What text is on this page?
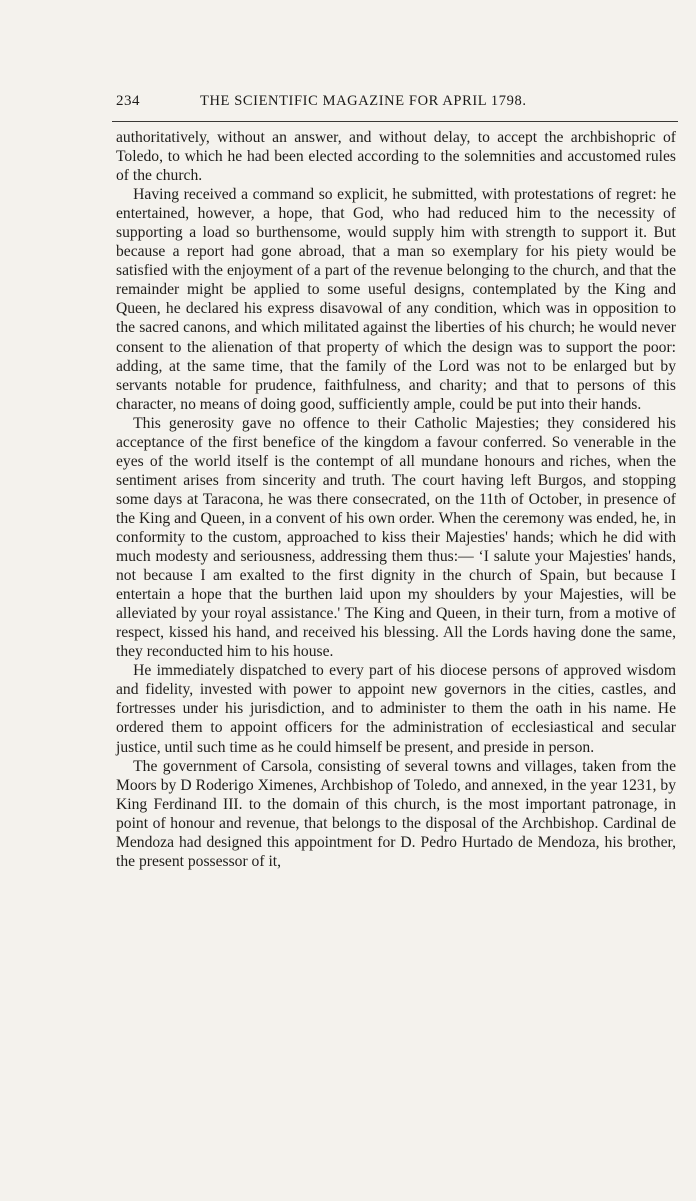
234	THE SCIENTIFIC MAGAZINE FOR APRIL 1798.

authoritatively, without an answer, and without delay, to accept the archbishopric of Toledo, to which he had been elected according to the solemnities and accustomed rules of the church.

Having received a command so explicit, he submitted, with protestations of regret: he entertained, however, a hope, that God, who had reduced him to the necessity of supporting a load so burthensome, would supply him with strength to support it. But because a report had gone abroad, that a man so exemplary for his piety would be satisfied with the enjoyment of a part of the revenue belonging to the church, and that the remainder might be applied to some useful designs, contemplated by the King and Queen, he declared his express disavowal of any condition, which was in opposition to the sacred canons, and which militated against the liberties of his church; he would never consent to the alienation of that property of which the design was to support the poor: adding, at the same time, that the family of the Lord was not to be enlarged but by servants notable for prudence, faithfulness, and charity; and that to persons of this character, no means of doing good, sufficiently ample, could be put into their hands.

This generosity gave no offence to their Catholic Majesties; they considered his acceptance of the first benefice of the kingdom a favour conferred. So venerable in the eyes of the world itself is the contempt of all mundane honours and riches, when the sentiment arises from sincerity and truth. The court having left Burgos, and stopping some days at Taracona, he was there consecrated, on the 11th of October, in presence of the King and Queen, in a convent of his own order. When the ceremony was ended, he, in conformity to the custom, approached to kiss their Majesties' hands; which he did with much modesty and seriousness, addressing them thus:— ‘I salute your Majesties' hands, not because I am exalted to the first dignity in the church of Spain, but because I entertain a hope that the burthen laid upon my shoulders by your Majesties, will be alleviated by your royal assistance.' The King and Queen, in their turn, from a motive of respect, kissed his hand, and received his blessing. All the Lords having done the same, they reconducted him to his house.

He immediately dispatched to every part of his diocese persons of approved wisdom and fidelity, invested with power to appoint new governors in the cities, castles, and fortresses under his jurisdiction, and to administer to them the oath in his name. He ordered them to appoint officers for the administration of ecclesiastical and secular justice, until such time as he could himself be present, and preside in person.

The government of Carsola, consisting of several towns and villages, taken from the Moors by D Roderigo Ximenes, Archbishop of Toledo, and annexed, in the year 1231, by King Ferdinand III. to the domain of this church, is the most important patronage, in point of honour and revenue, that belongs to the disposal of the Archbishop. Cardinal de Mendoza had designed this appointment for D. Pedro Hurtado de Mendoza, his brother, the present possessor of it,
